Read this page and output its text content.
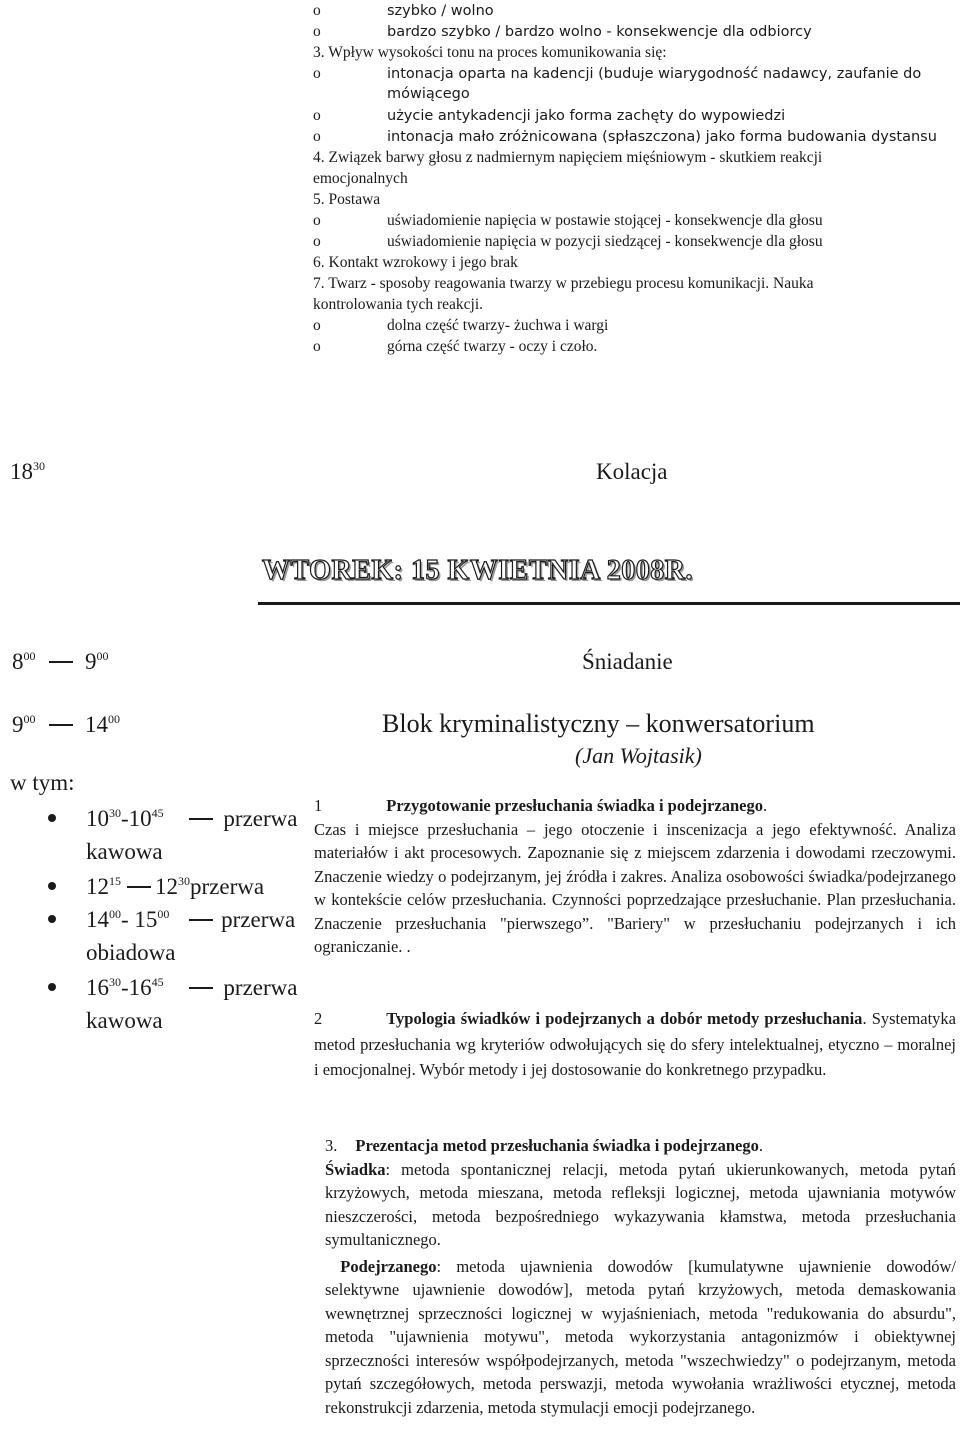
o	szybko / wolno
o	bardzo szybko / bardzo wolno - konsekwencje dla odbiorcy
3. Wpływ wysokości tonu na proces komunikowania się:
o	intonacja oparta na kadencji (buduje wiarygodność nadawcy, zaufanie do
mówiącego
o	użycie antykadencji jako forma zachęty do wypowiedzi
o	intonacja mało zróżnicowana (spłaszczona) jako forma budowania dystansu
4. Związek barwy głosu z nadmiernym napięciem mięśniowym - skutkiem reakcji
emocjonalnych
5. Postawa
o	uświadomienie napięcia w postawie stojącej - konsekwencje dla głosu
o	uświadomienie napięcia w pozycji siedzącej - konsekwencje dla głosu
6. Kontakt wzrokowy i jego brak
7. Twarz - sposoby reagowania twarzy w przebiegu procesu komunikacji. Nauka
kontrolowania tych reakcji.
o	dolna część twarzy- żuchwa i wargi
o	górna część twarzy - oczy i czoło.
$18^{30}$	Kolacja
WTOREK: 15 KWIETNIA 2008R.
$8^{00}$ $9^{00}$	Śniadanie
$9^{00}$ $14^{00}$	Blok kryminalistyczny – konwersatorium
(Jan Wojtasik)
w tym:
$10^{30}-10^{45}$	przerwa
kawowa
$12^{15}$ $12^{30}przerwa$
$14^{00}-$ $15^{00}$ przerwa
obiadowa
$16^{30}-16^{45}$	przerwa
kawowa
1	Przygotowanie przesłuchania świadka i podejrzanego.
Czas i miejsce przesłuchania – jego otoczenie i inscenizacja a jego efektywność. Analiza materiałów i akt procesowych. Zapoznanie się z miejscem zdarzenia i dowodami rzeczowymi. Znaczenie wiedzy o podejrzanym, jej źródła i zakres. Analiza osobowości świadka/podejrzanego w kontekście celów przesłuchania. Czynności poprzedzające przesłuchanie. Plan przesłuchania. Znaczenie przesłuchania "pierwszego”. "Bariery" w przesłuchaniu podejrzanych i ich ograniczanie. .
2	Typologia świadków i podejrzanych a dobór metody przesłuchania. Systematyka metod przesłuchania wg kryteriów odwołujących się do sfery intelektualnej, etyczno – moralnej i emocjonalnej. Wybór metody i jej dostosowanie do konkretnego przypadku.
3. Prezentacja metod przesłuchania świadka i podejrzanego.
Świadka: metoda spontanicznej relacji, metoda pytań ukierunkowanych, metoda pytań krzyżowych, metoda mieszana, metoda refleksji logicznej, metoda ujawniania motywów nieszczerości, metoda bezpośredniego wykazywania kłamstwa, metoda przesłuchania symultanicznego.
Podejrzanego: metoda ujawnienia dowodów [kumulatywne ujawnienie dowodów/ selektywne ujawnienie dowodów], metoda pytań krzyżowych, metoda demaskowania wewnętrznej sprzeczności logicznej w wyjaśnieniach, metoda "redukowania do absurdu", metoda "ujawnienia motywu", metoda wykorzystania antagonizmów i obiektywnej sprzeczności interesów współpodejrzanych, metoda "wszechwiedzy" o podejrzanym, metoda pytań szczegółowych, metoda perswazji, metoda wywołania wrażliwości etycznej, metoda rekonstrukcji zdarzenia, metoda stymulacji emocji podejrzanego.
